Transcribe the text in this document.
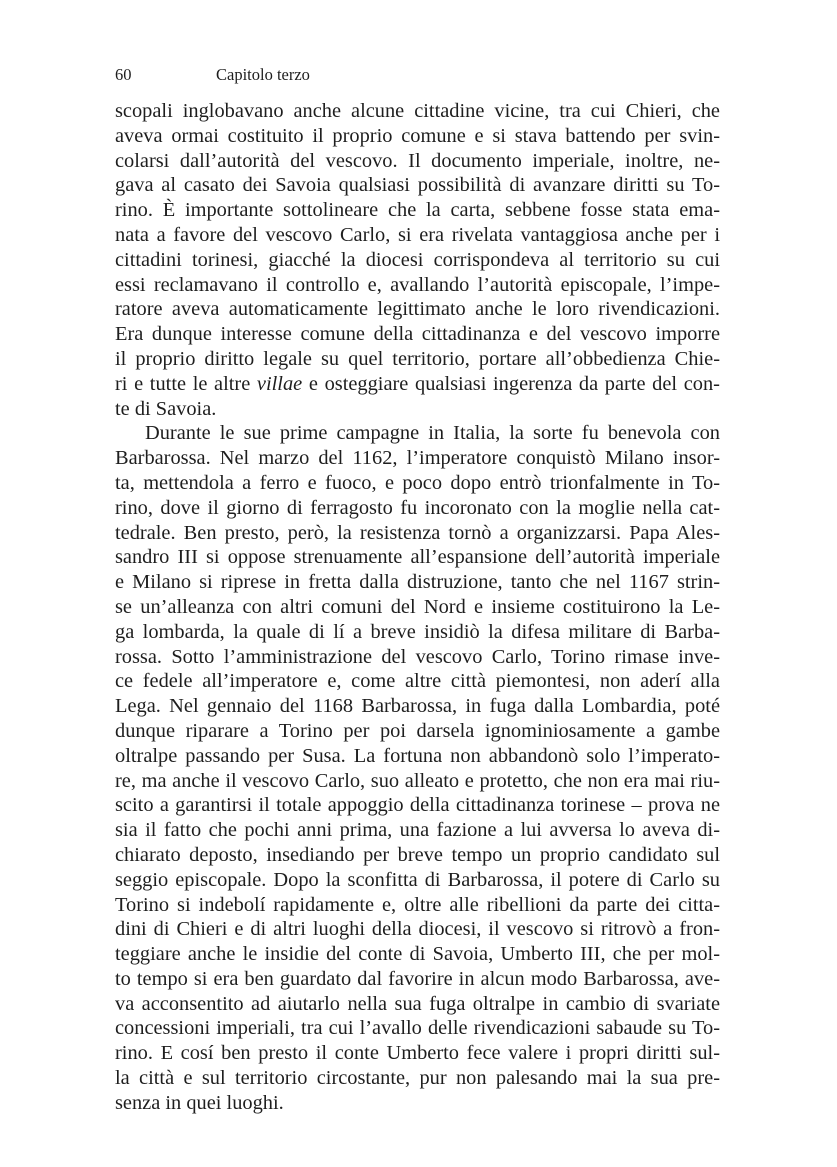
60	Capitolo terzo

scopali inglobavano anche alcune cittadine vicine, tra cui Chieri, che
aveva ormai costituito il proprio comune e si stava battendo per svin-
colarsi dall’autorità del vescovo. Il documento imperiale, inoltre, ne-
gava al casato dei Savoia qualsiasi possibilità di avanzare diritti su To-
rino. È importante sottolineare che la carta, sebbene fosse stata ema-
nata a favore del vescovo Carlo, si era rivelata vantaggiosa anche per i
cittadini torinesi, giacché la diocesi corrispondeva al territorio su cui
essi reclamavano il controllo e, avallando l’autorità episcopale, l’impe-
ratore aveva automaticamente legittimato anche le loro rivendicazioni.
Era dunque interesse comune della cittadinanza e del vescovo imporre
il proprio diritto legale su quel territorio, portare all’obbedienza Chie-
ri e tutte le altre villae e osteggiare qualsiasi ingerenza da parte del con-
te di Savoia.

Durante le sue prime campagne in Italia, la sorte fu benevola con
Barbarossa. Nel marzo del 1162, l’imperatore conquistò Milano insor-
ta, mettendola a ferro e fuoco, e poco dopo entrò trionfalmente in To-
rino, dove il giorno di ferragosto fu incoronato con la moglie nella cat-
tedrale. Ben presto, però, la resistenza tornò a organizzarsi. Papa Ales-
sandro III si oppose strenuamente all’espansione dell’autorità imperiale
e Milano si riprese in fretta dalla distruzione, tanto che nel 1167 strin-
se un’alleanza con altri comuni del Nord e insieme costituirono la Le-
ga lombarda, la quale di lí a breve insidiò la difesa militare di Barba-
rossa. Sotto l’amministrazione del vescovo Carlo, Torino rimase inve-
ce fedele all’imperatore e, come altre città piemontesi, non aderí alla
Lega. Nel gennaio del 1168 Barbarossa, in fuga dalla Lombardia, poté
dunque riparare a Torino per poi darsela ignominiosamente a gambe
oltralpe passando per Susa. La fortuna non abbandonò solo l’imperato-
re, ma anche il vescovo Carlo, suo alleato e protetto, che non era mai riu-
scito a garantirsi il totale appoggio della cittadinanza torinese – prova ne
sia il fatto che pochi anni prima, una fazione a lui avversa lo aveva di-
chiarato deposto, insediando per breve tempo un proprio candidato sul
seggio episcopale. Dopo la sconfitta di Barbarossa, il potere di Carlo su
Torino si indebolí rapidamente e, oltre alle ribellioni da parte dei citta-
dini di Chieri e di altri luoghi della diocesi, il vescovo si ritrovò a fron-
teggiare anche le insidie del conte di Savoia, Umberto III, che per mol-
to tempo si era ben guardato dal favorire in alcun modo Barbarossa, ave-
va acconsentito ad aiutarlo nella sua fuga oltralpe in cambio di svariate
concessioni imperiali, tra cui l’avallo delle rivendicazioni sabaude su To-
rino. E cosí ben presto il conte Umberto fece valere i propri diritti sul-
la città e sul territorio circostante, pur non palesando mai la sua pre-
senza in quei luoghi.
